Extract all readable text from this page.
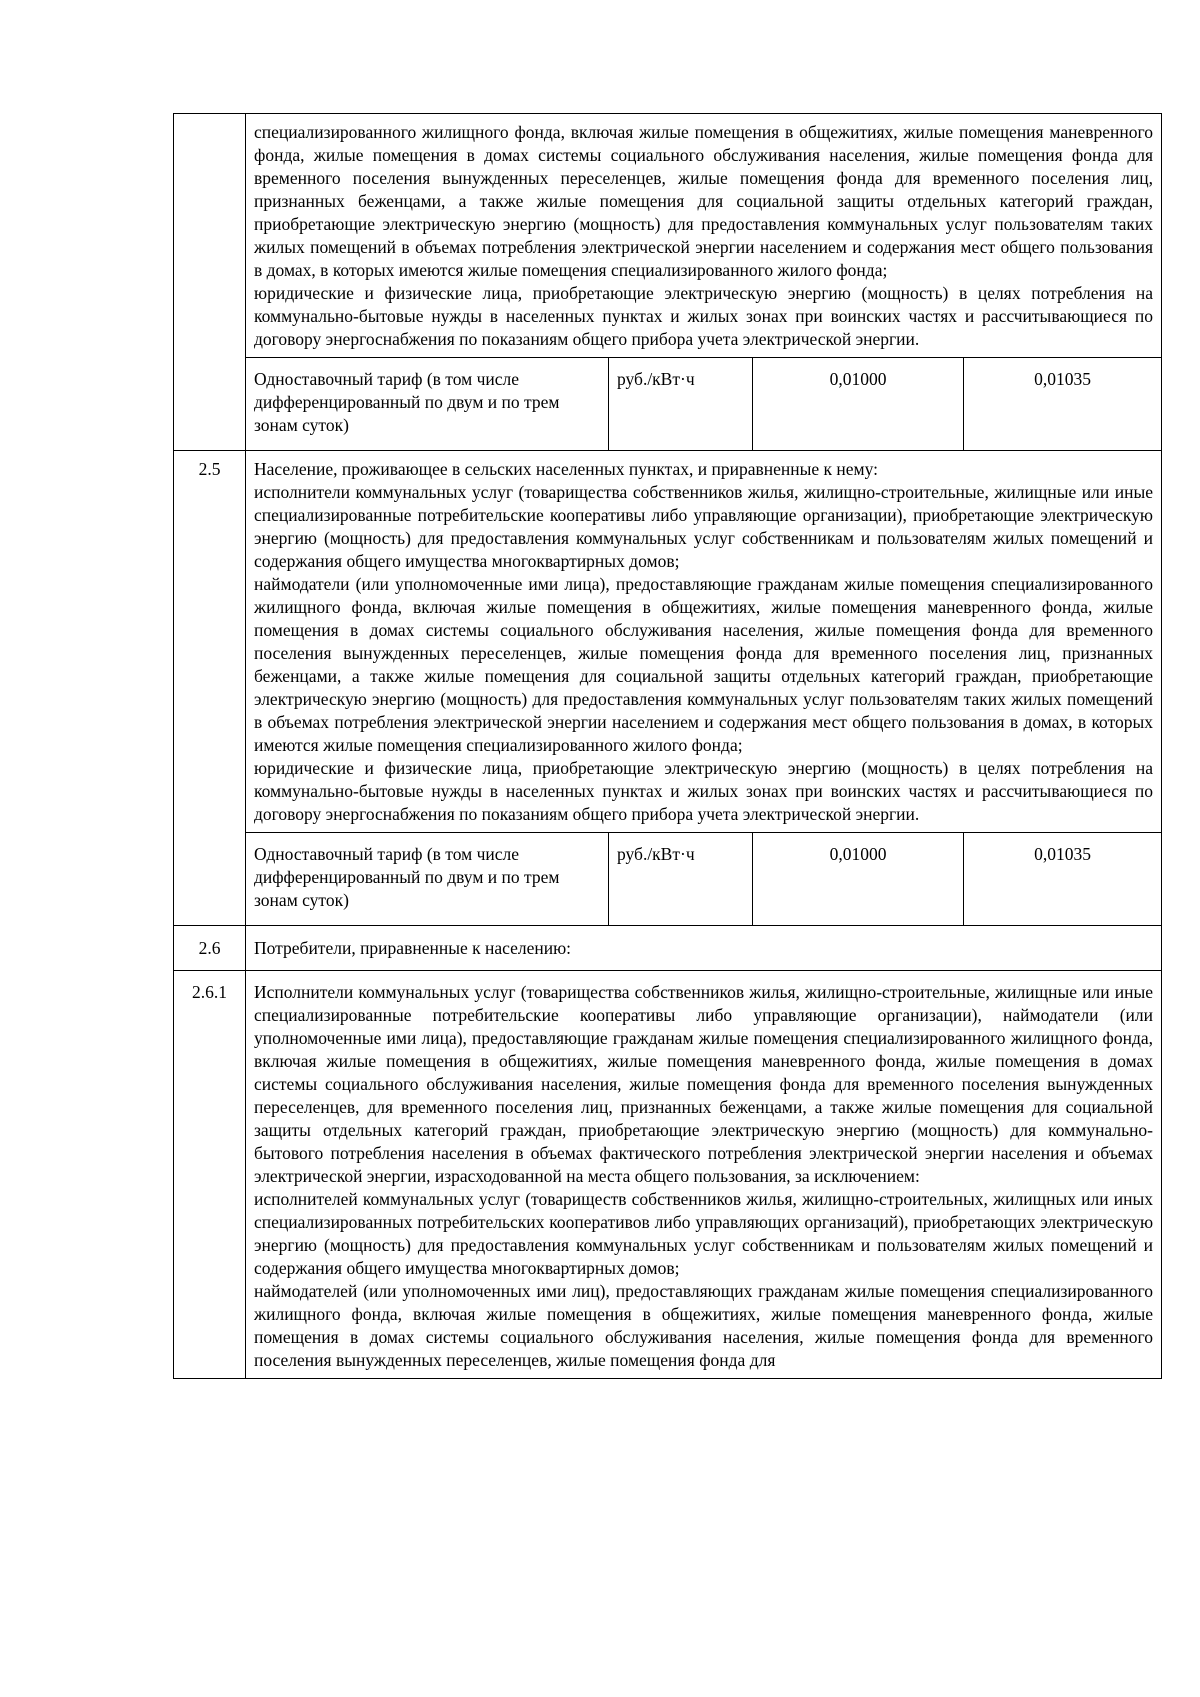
	специализированного жилищного фонда, включая жилые помещения в общежитиях, жилые помещения маневренного фонда, жилые помещения в домах системы социального обслуживания населения, жилые помещения фонда для временного поселения вынужденных переселенцев, жилые помещения фонда для временного поселения лиц, признанных беженцами, а также жилые помещения для социальной защиты отдельных категорий граждан, приобретающие электрическую энергию (мощность) для предоставления коммунальных услуг пользователям таких жилых помещений в объемах потребления электрической энергии населением и содержания мест общего пользования в домах, в которых имеются жилые помещения специализированного жилого фонда;

юридические и физические лица, приобретающие электрическую энергию (мощность) в целях потребления на коммунально-бытовые нужды в населенных пунктах и жилых зонах при воинских частях и рассчитывающиеся по договору энергоснабжения по показаниям общего прибора учета электрической энергии.			

	Одноставочный тариф (в том числе дифференцированный по двум и по трем зонам суток)	руб./кВт·ч	0,01000	0,01035

2.5	Население, проживающее в сельских населенных пунктах, и приравненные к нему:

исполнители коммунальных услуг (товарищества собственников жилья, жилищно-строительные, жилищные или иные специализированные потребительские кооперативы либо управляющие организации), приобретающие электрическую энергию (мощность) для предоставления коммунальных услуг собственникам и пользователям жилых помещений и содержания общего имущества многоквартирных домов;

наймодатели (или уполномоченные ими лица), предоставляющие гражданам жилые помещения специализированного жилищного фонда, включая жилые помещения в общежитиях, жилые помещения маневренного фонда, жилые помещения в домах системы социального обслуживания населения, жилые помещения фонда для временного поселения вынужденных переселенцев, жилые помещения фонда для временного поселения лиц, признанных беженцами, а также жилые помещения для социальной защиты отдельных категорий граждан, приобретающие электрическую энергию (мощность) для предоставления коммунальных услуг пользователям таких жилых помещений в объемах потребления электрической энергии населением и содержания мест общего пользования в домах, в которых имеются жилые помещения специализированного жилого фонда;

юридические и физические лица, приобретающие электрическую энергию (мощность) в целях потребления на коммунально-бытовые нужды в населенных пунктах и жилых зонах при воинских частях и рассчитывающиеся по договору энергоснабжения по показаниям общего прибора учета электрической энергии.			

	Одноставочный тариф (в том числе дифференцированный по двум и по трем зонам суток)	руб./кВт·ч	0,01000	0,01035

2.6	Потребители, приравненные к населению:			

2.6.1	Исполнители коммунальных услуг (товарищества собственников жилья, жилищно-строительные, жилищные или иные специализированные потребительские кооперативы либо управляющие организации), наймодатели (или уполномоченные ими лица), предоставляющие гражданам жилые помещения специализированного жилищного фонда, включая жилые помещения в общежитиях, жилые помещения маневренного фонда, жилые помещения в домах системы социального обслуживания населения, жилые помещения фонда для временного поселения вынужденных переселенцев, для временного поселения лиц, признанных беженцами, а также жилые помещения для социальной защиты отдельных категорий граждан, приобретающие электрическую энергию (мощность) для коммунально-бытового потребления населения в объемах фактического потребления электрической энергии населения и объемах электрической энергии, израсходованной на места общего пользования, за исключением:

исполнителей коммунальных услуг (товариществ собственников жилья, жилищно-строительных, жилищных или иных специализированных потребительских кооперативов либо управляющих организаций), приобретающих электрическую энергию (мощность) для предоставления коммунальных услуг собственникам и пользователям жилых помещений и содержания общего имущества многоквартирных домов;

наймодателей (или уполномоченных ими лиц), предоставляющих гражданам жилые помещения специализированного жилищного фонда, включая жилые помещения в общежитиях, жилые помещения маневренного фонда, жилые помещения в домах системы социального обслуживания населения, жилые помещения фонда для временного поселения вынужденных переселенцев, жилые помещения фонда для			
